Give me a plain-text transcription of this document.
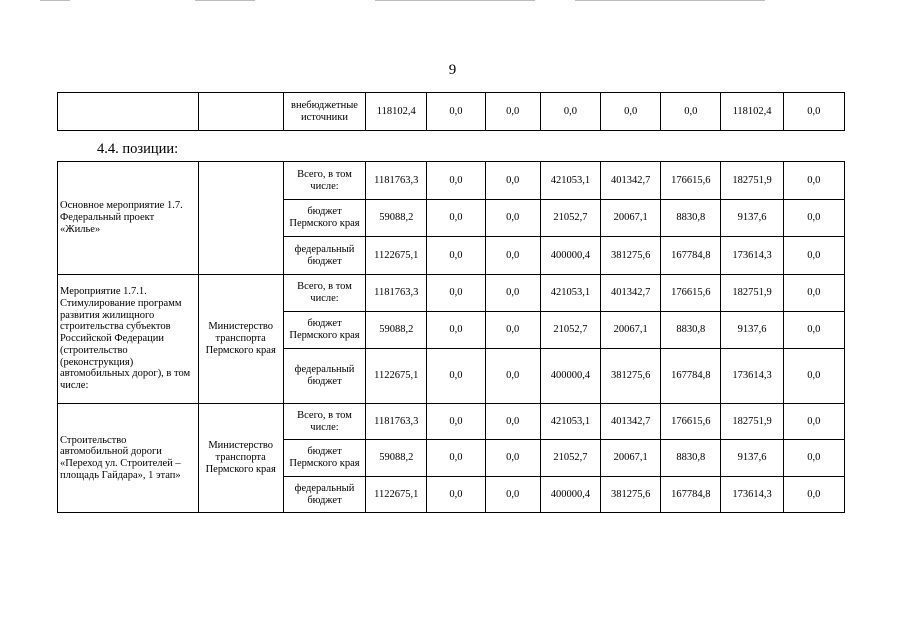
9
		внебюджетные источники	118102,4	0,0	0,0	0,0	0,0	0,0	118102,4	0,0
4.4. позиции:
Основное мероприятие 1.7. Федеральный проект «Жилье»		Всего, в том числе:	1181763,3	0,0	0,0	421053,1	401342,7	176615,6	182751,9	0,0
		бюджет Пермского края	59088,2	0,0	0,0	21052,7	20067,1	8830,8	9137,6	0,0
		федеральный бюджет	1122675,1	0,0	0,0	400000,4	381275,6	167784,8	173614,3	0,0
Мероприятие 1.7.1. Стимулирование программ развития жилищного строительства субъектов Российской Федерации (строительство (реконструкция) автомобильных дорог), в том числе:	Министерство транспорта Пермского края	Всего, в том числе:	1181763,3	0,0	0,0	421053,1	401342,7	176615,6	182751,9	0,0
		бюджет Пермского края	59088,2	0,0	0,0	21052,7	20067,1	8830,8	9137,6	0,0
		федеральный бюджет	1122675,1	0,0	0,0	400000,4	381275,6	167784,8	173614,3	0,0
Строительство автомобильной дороги «Переход ул. Строителей – площадь Гайдара», 1 этап»	Министерство транспорта Пермского края	Всего, в том числе:	1181763,3	0,0	0,0	421053,1	401342,7	176615,6	182751,9	0,0
		бюджет Пермского края	59088,2	0,0	0,0	21052,7	20067,1	8830,8	9137,6	0,0
		федеральный бюджет	1122675,1	0,0	0,0	400000,4	381275,6	167784,8	173614,3	0,0
